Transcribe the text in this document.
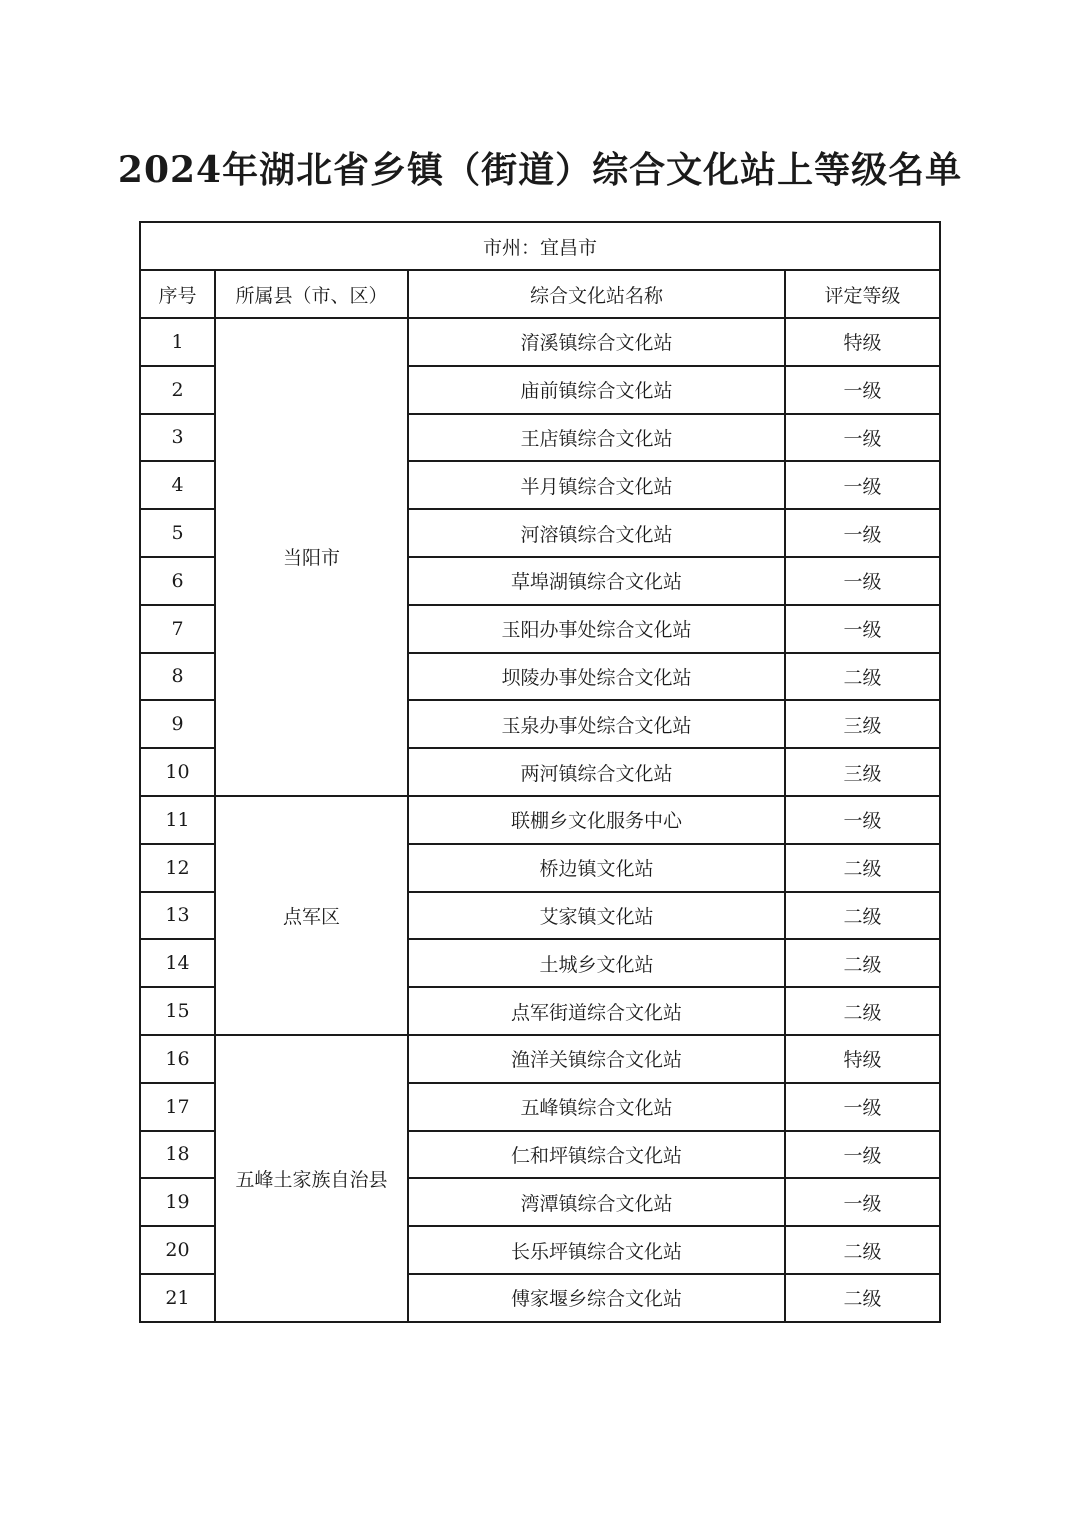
2024年湖北省乡镇（街道）综合文化站上等级名单
市州：宜昌市			
序号	所属县（市、区）	综合文化站名称	评定等级
1	当阳市	淯溪镇综合文化站	特级
2		庙前镇综合文化站	一级
3		王店镇综合文化站	一级
4		半月镇综合文化站	一级
5		河溶镇综合文化站	一级
6		草埠湖镇综合文化站	一级
7		玉阳办事处综合文化站	一级
8		坝陵办事处综合文化站	二级
9		玉泉办事处综合文化站	三级
10		两河镇综合文化站	三级
11	点军区	联棚乡文化服务中心	一级
12		桥边镇文化站	二级
13		艾家镇文化站	二级
14		土城乡文化站	二级
15		点军街道综合文化站	二级
16	五峰土家族自治县	渔洋关镇综合文化站	特级
17		五峰镇综合文化站	一级
18		仁和坪镇综合文化站	一级
19		湾潭镇综合文化站	一级
20		长乐坪镇综合文化站	二级
21		傅家堰乡综合文化站	二级
